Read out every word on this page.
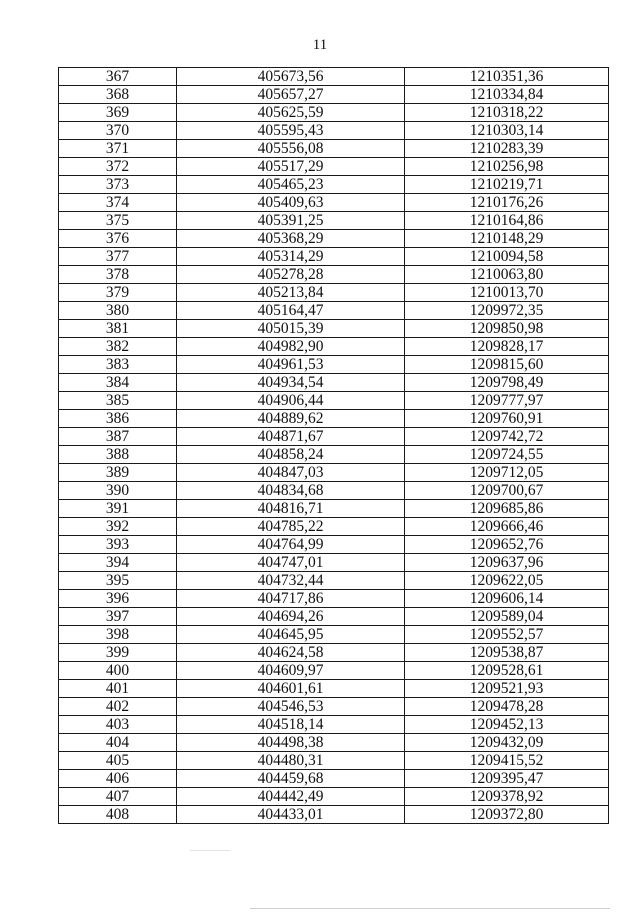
11
367	405673,56	1210351,36
368	405657,27	1210334,84
369	405625,59	1210318,22
370	405595,43	1210303,14
371	405556,08	1210283,39
372	405517,29	1210256,98
373	405465,23	1210219,71
374	405409,63	1210176,26
375	405391,25	1210164,86
376	405368,29	1210148,29
377	405314,29	1210094,58
378	405278,28	1210063,80
379	405213,84	1210013,70
380	405164,47	1209972,35
381	405015,39	1209850,98
382	404982,90	1209828,17
383	404961,53	1209815,60
384	404934,54	1209798,49
385	404906,44	1209777,97
386	404889,62	1209760,91
387	404871,67	1209742,72
388	404858,24	1209724,55
389	404847,03	1209712,05
390	404834,68	1209700,67
391	404816,71	1209685,86
392	404785,22	1209666,46
393	404764,99	1209652,76
394	404747,01	1209637,96
395	404732,44	1209622,05
396	404717,86	1209606,14
397	404694,26	1209589,04
398	404645,95	1209552,57
399	404624,58	1209538,87
400	404609,97	1209528,61
401	404601,61	1209521,93
402	404546,53	1209478,28
403	404518,14	1209452,13
404	404498,38	1209432,09
405	404480,31	1209415,52
406	404459,68	1209395,47
407	404442,49	1209378,92
408	404433,01	1209372,80
